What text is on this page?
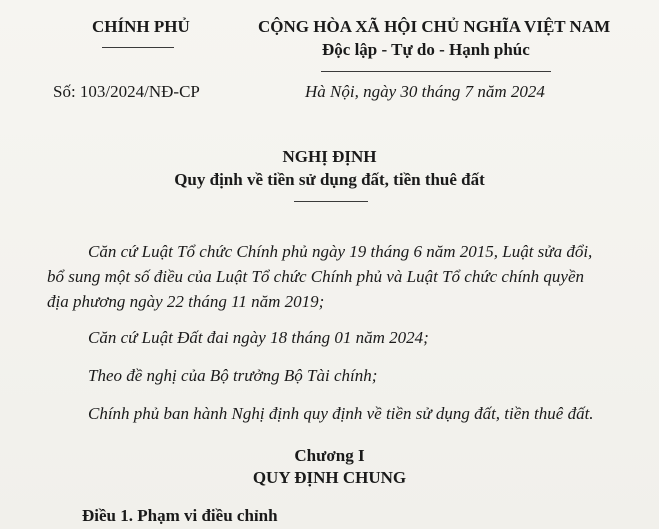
CHÍNH PHỦ	CỘNG HÒA XÃ HỘI CHỦ NGHĨA VIỆT NAM
Độc lập - Tự do - Hạnh phúc
Số: 103/2024/NĐ-CP	Hà Nội, ngày 30 tháng 7 năm 2024
NGHỊ ĐỊNH
Quy định về tiền sử dụng đất, tiền thuê đất
Căn cứ Luật Tổ chức Chính phủ ngày 19 tháng 6 năm 2015, Luật sửa đổi,
bổ sung một số điều của Luật Tổ chức Chính phủ và Luật Tổ chức chính quyền
địa phương ngày 22 tháng 11 năm 2019;
Căn cứ Luật Đất đai ngày 18 tháng 01 năm 2024;
Theo đề nghị của Bộ trưởng Bộ Tài chính;
Chính phủ ban hành Nghị định quy định về tiền sử dụng đất, tiền thuê đất.
Chương I
QUY ĐỊNH CHUNG
Điều 1. Phạm vi điều chỉnh
